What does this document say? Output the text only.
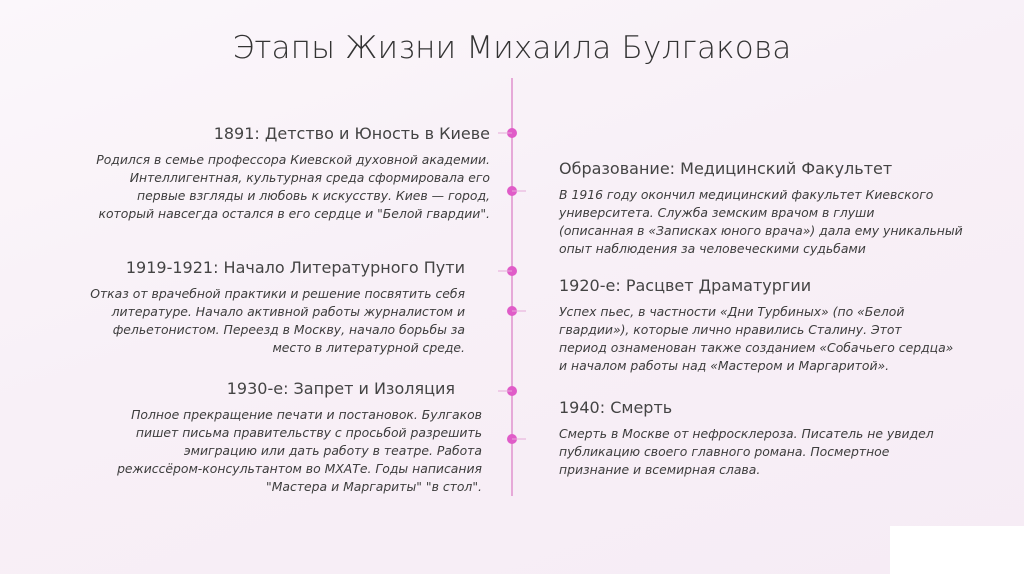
Этапы Жизни Михаила Булгакова
1891: Детство и Юность в Киеве
Родился в семье профессора Киевской духовной академии.
Интеллигентная, культурная среда сформировала его
первые взгляды и любовь к искусству. Киев — город,
который навсегда остался в его сердце и "Белой гвардии".
Образование: Медицинский Факультет
В 1916 году окончил медицинский факультет Киевского
университета. Служба земским врачом в глуши
(описанная в «Записках юного врача») дала ему уникальный
опыт наблюдения за человеческими судьбами
1919-1921: Начало Литературного Пути
Отказ от врачебной практики и решение посвятить себя
литературе. Начало активной работы журналистом и
фельетонистом. Переезд в Москву, начало борьбы за
место в литературной среде.
1920-е: Расцвет Драматургии
Успех пьес, в частности «Дни Турбиных» (по «Белой
гвардии»), которые лично нравились Сталину. Этот
период ознаменован также созданием «Собачьего сердца»
и началом работы над «Мастером и Маргаритой».
1930-е: Запрет и Изоляция
Полное прекращение печати и постановок. Булгаков
пишет письма правительству с просьбой разрешить
эмиграцию или дать работу в театре. Работа
режиссёром-консультантом во МХАТе. Годы написания
"Мастера и Маргариты" "в стол".
1940: Смерть
Смерть в Москве от нефросклероза. Писатель не увидел
публикацию своего главного романа. Посмертное
признание и всемирная слава.
